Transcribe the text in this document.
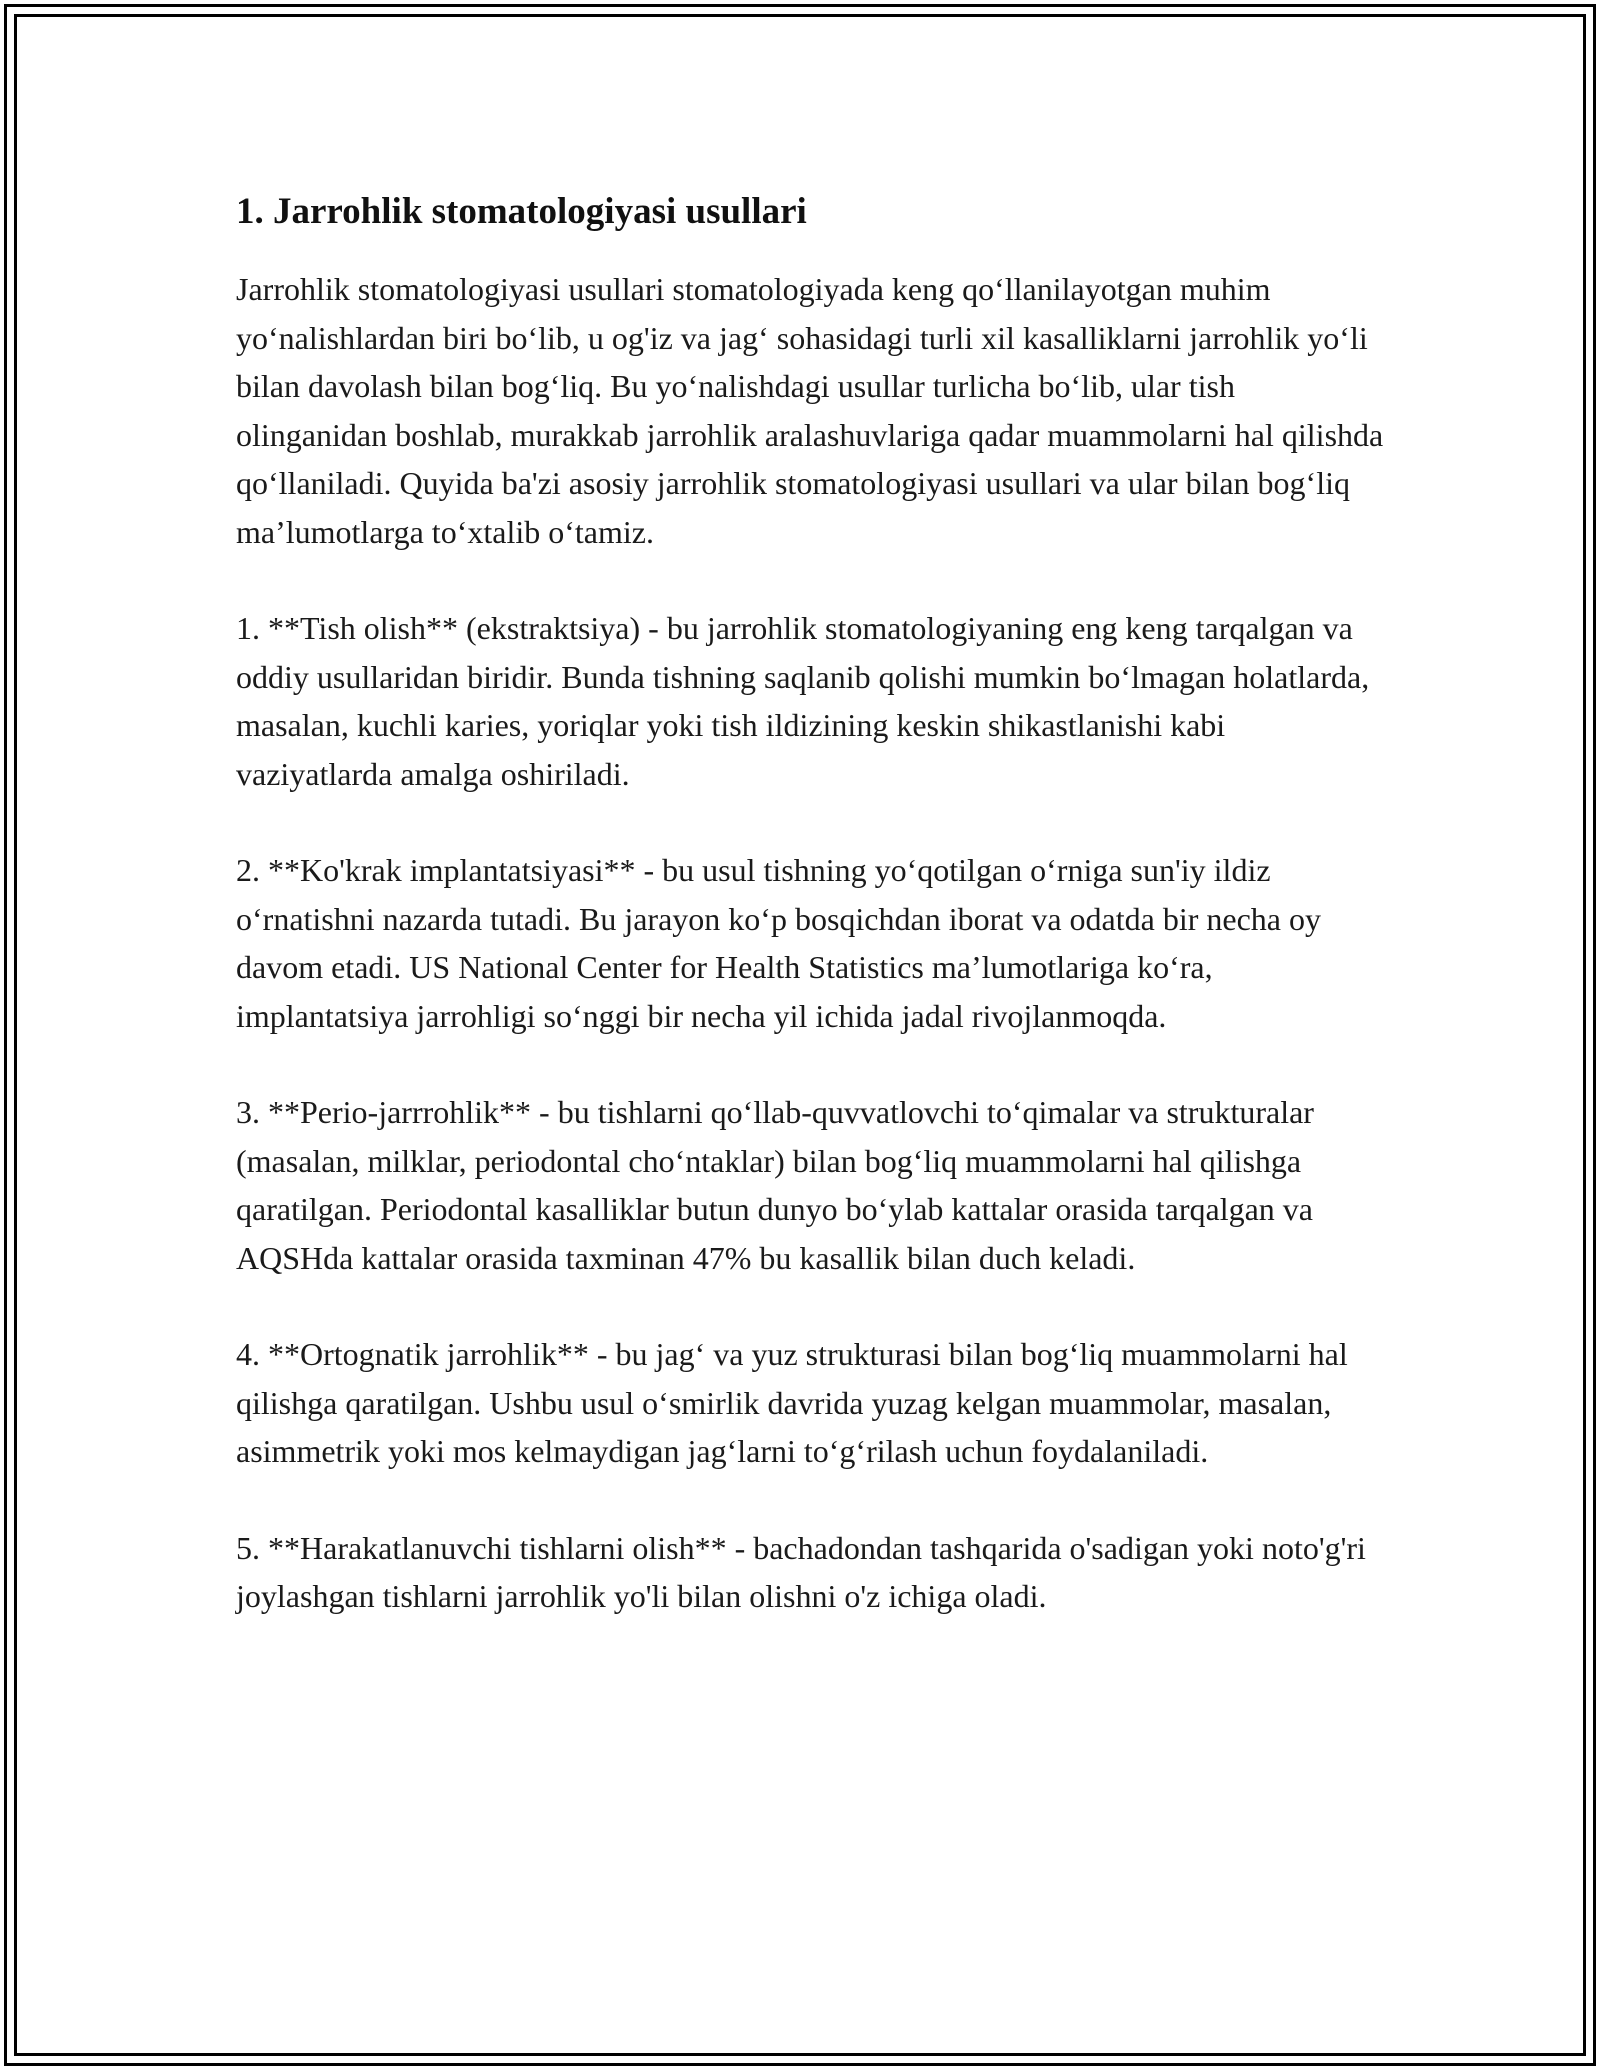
1. Jarrohlik stomatologiyasi usullari

Jarrohlik stomatologiyasi usullari stomatologiyada keng qoʻllanilayotgan muhim yoʻnalishlardan biri boʻlib, u og'iz va jagʻ sohasidagi turli xil kasalliklarni jarrohlik yoʻli bilan davolash bilan bogʻliq. Bu yoʻnalishdagi usullar turlicha boʻlib, ular tish olinganidan boshlab, murakkab jarrohlik aralashuvlariga qadar muammolarni hal qilishda qoʻllaniladi. Quyida ba'zi asosiy jarrohlik stomatologiyasi usullari va ular bilan bogʻliq maʼlumotlarga toʻxtalib oʻtamiz.

1. **Tish olish** (ekstraktsiya) - bu jarrohlik stomatologiyaning eng keng tarqalgan va oddiy usullaridan biridir. Bunda tishning saqlanib qolishi mumkin boʻlmagan holatlarda, masalan, kuchli karies, yoriqlar yoki tish ildizining keskin shikastlanishi kabi vaziyatlarda amalga oshiriladi.

2. **Ko'krak implantatsiyasi** - bu usul tishning yoʻqotilgan oʻrniga sun'iy ildiz oʻrnatishni nazarda tutadi. Bu jarayon koʻp bosqichdan iborat va odatda bir necha oy davom etadi. US National Center for Health Statistics maʼlumotlariga koʻra, implantatsiya jarrohligi soʻnggi bir necha yil ichida jadal rivojlanmoqda.

3. **Perio-jarrrohlik** - bu tishlarni qoʻllab-quvvatlovchi toʻqimalar va strukturalar (masalan, milklar, periodontal choʻntaklar) bilan bogʻliq muammolarni hal qilishga qaratilgan. Periodontal kasalliklar butun dunyo boʻylab kattalar orasida tarqalgan va AQSHda kattalar orasida taxminan 47% bu kasallik bilan duch keladi.

4. **Ortognatik jarrohlik** - bu jagʻ va yuz strukturasi bilan bogʻliq muammolarni hal qilishga qaratilgan. Ushbu usul oʻsmirlik davrida yuzag kelgan muammolar, masalan, asimmetrik yoki mos kelmaydigan jagʻlarni toʻgʻrilash uchun foydalaniladi.

5. **Harakatlanuvchi tishlarni olish** - bachadondan tashqarida o'sadigan yoki noto'g'ri joylashgan tishlarni jarrohlik yo'li bilan olishni o'z ichiga oladi.
